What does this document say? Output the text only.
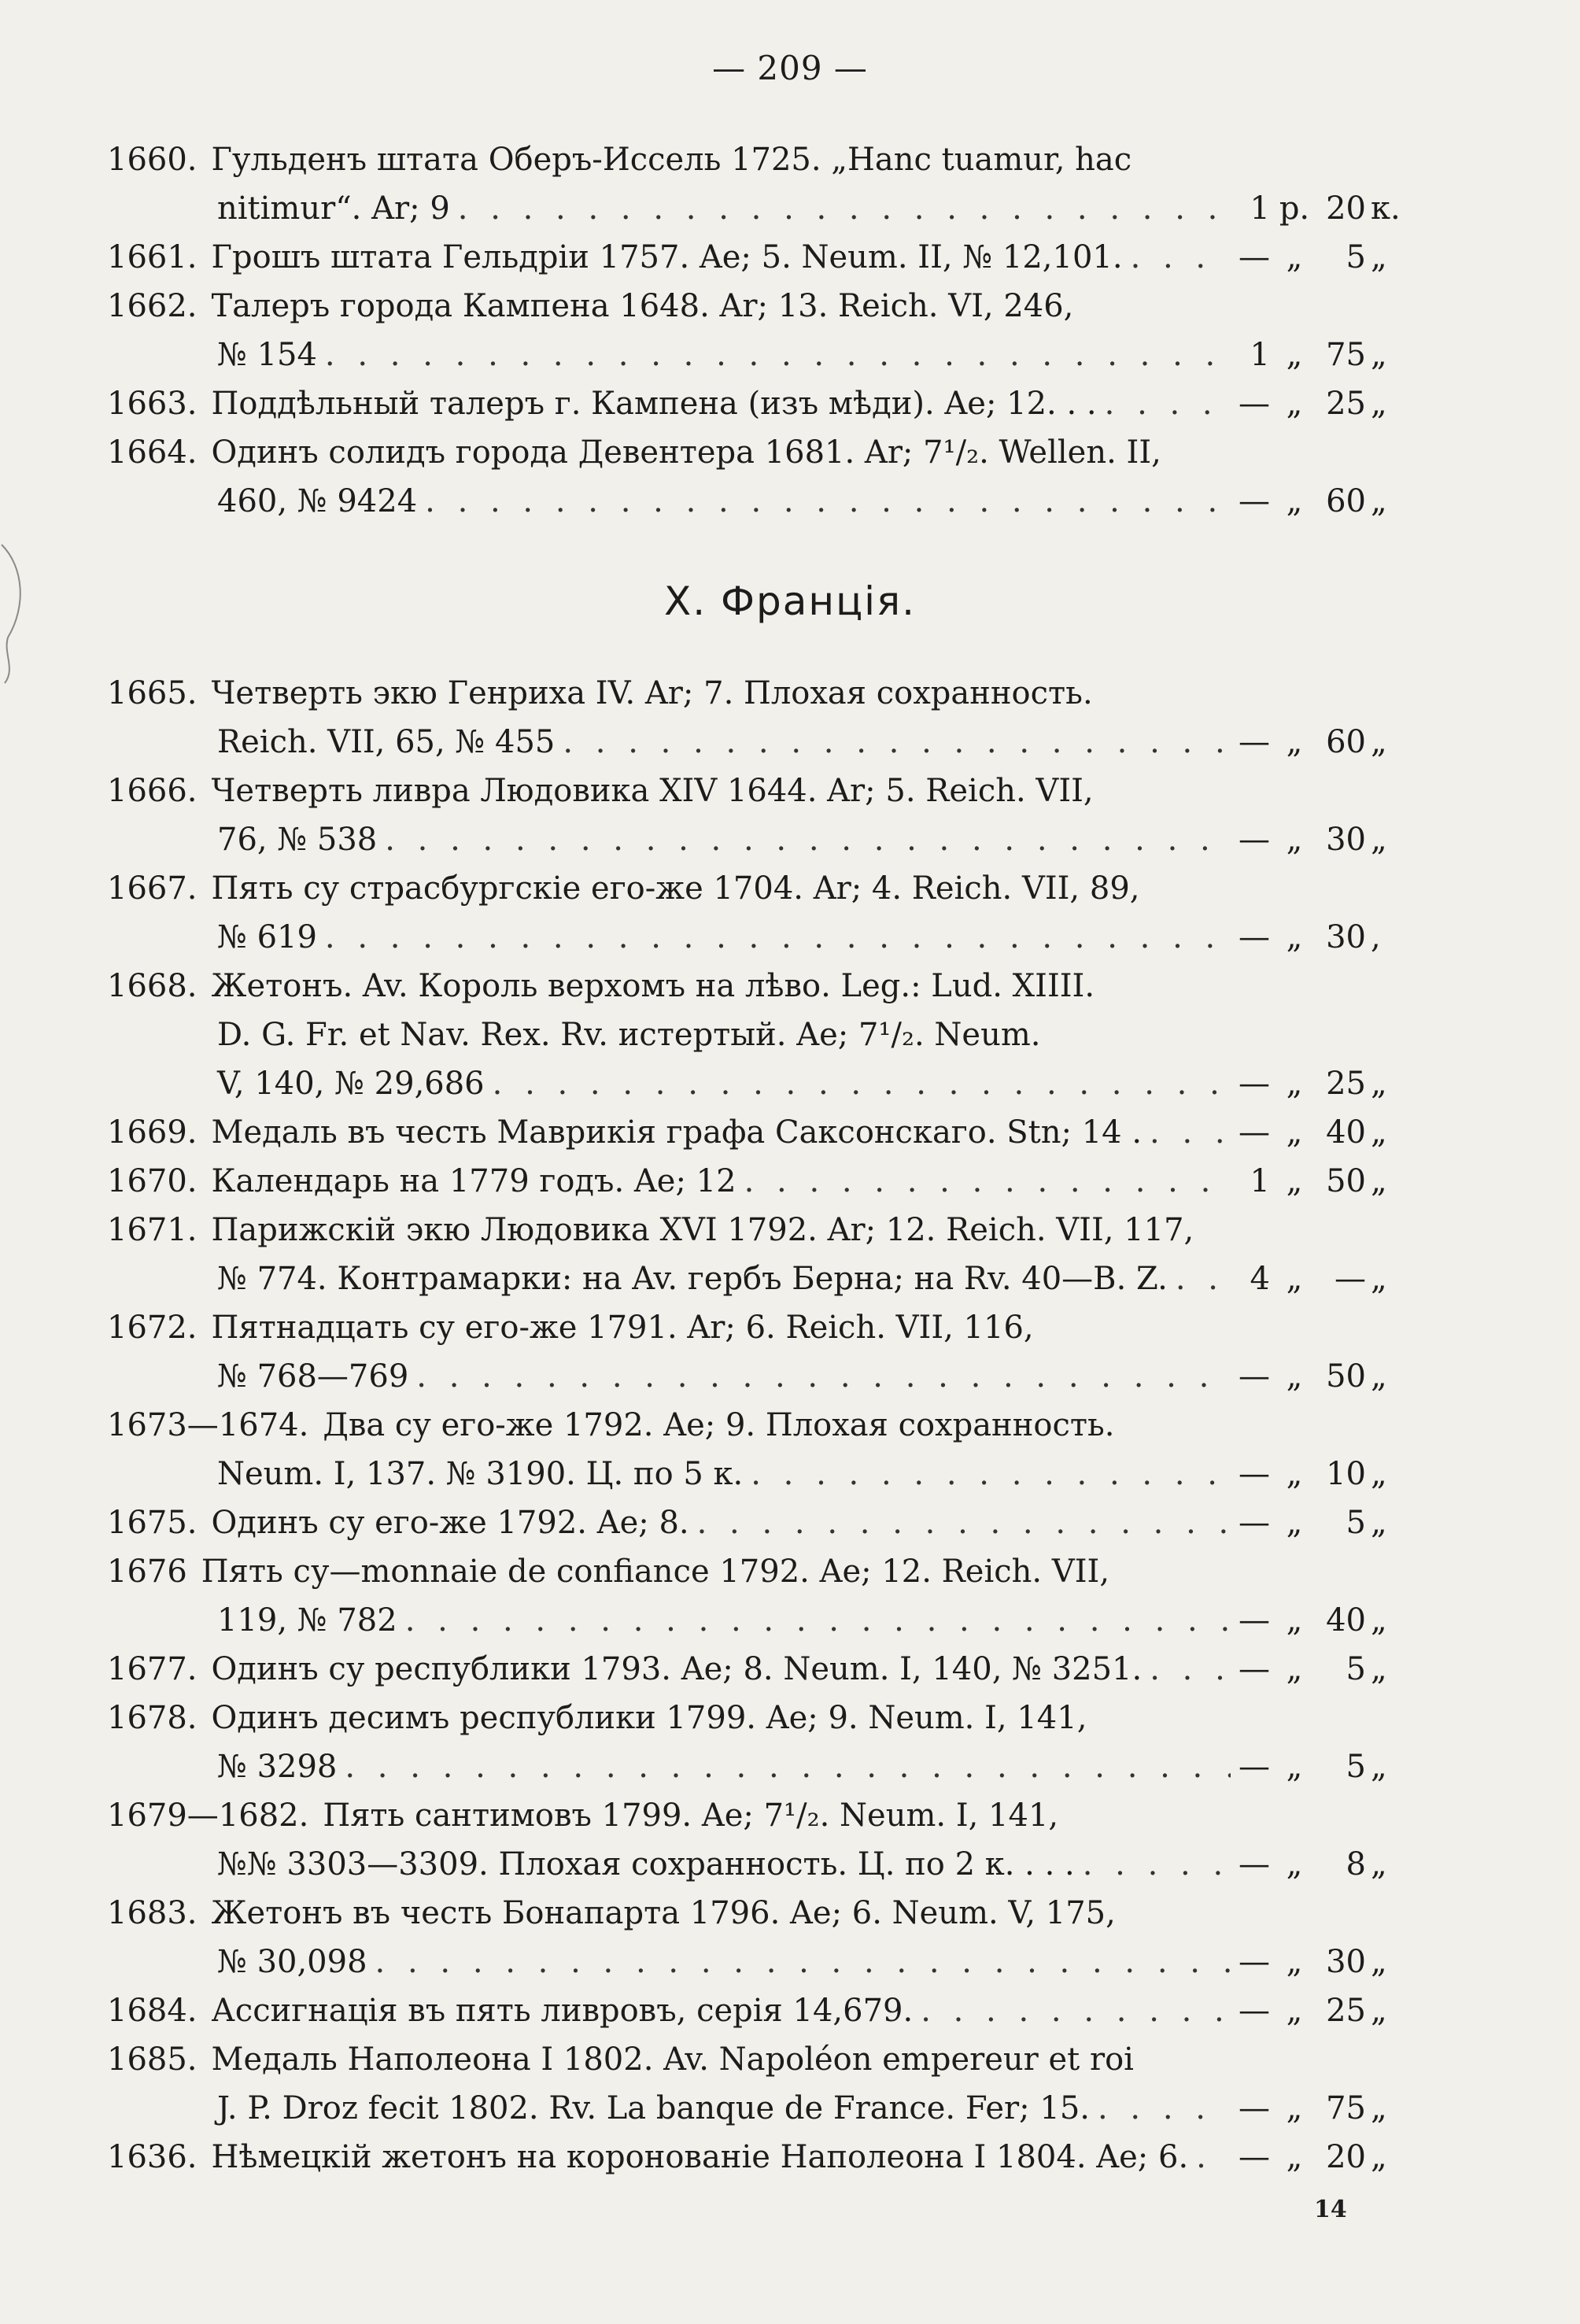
— 209 —
1660. Гульденъ штата Оберъ-Иссель 1725. „Hanc tuamur, hac
nitimur“. Ar; 9 . . .	1 р. 20 к.
1661. Грошъ штата Гельдріи 1757. Ae; 5. Neum. II, № 12,101. . . .	— „	5 „
1662. Талеръ города Кампена 1648. Ar; 13. Reich. VI, 246,
№ 154 . . .	1 „ 75 „
1663. Поддѣльный талеръ г. Кампена (изъ мѣди). Ae; 12. . . . . .	— „ 25 „
1664. Одинъ солидъ города Девентера 1681. Ar; 7¹/₂. Wellen. II,
460, № 9424 . . .	— „ 60 „
X. Франція.
1665. Четверть экю Генриха IV. Ar; 7. Плохая сохранность.
Reich. VII, 65, № 455 . . .	— „ 60 „
1666. Четверть ливра Людовика XIV 1644. Ar; 5. Reich. VII,
76, № 538 . . .	— „ 30 „
1667. Пять су страсбургскіе его-же 1704. Ar; 4. Reich. VII, 89,
№ 619 . . .	— „ 30 ,
1668. Жетонъ. Av. Король верхомъ на лѣво. Leg.: Lud. XIIII.
D. G. Fr. et Nav. Rex. Rv. истертый. Ae; 7¹/₂. Neum.
V, 140, № 29,686 . . .	— „ 25 „
1669. Медаль въ честь Маврикія графа Саксонскаго. Stn; 14 . . . .	— „ 40 „
1670. Календарь на 1779 годъ. Ae; 12 . . .	1 „ 50 „
1671. Парижскій экю Людовика XVI 1792. Ar; 12. Reich. VII, 117,
№ 774. Контрамарки: на Av. гербъ Берна; на Rv. 40—B. Z. . . .	4 „	— „
1672. Пятнадцать су его-же 1791. Ar; 6. Reich. VII, 116,
№ 768—769 . . .	— „ 50 „
1673—1674. Два су его-же 1792. Ae; 9. Плохая сохранность.
Neum. I, 137. № 3190. Ц. по 5 к. . . .	— „ 10 „
1675. Одинъ су его-же 1792. Ae; 8. . . .	— „	5 „
1676 Пять су—monnaie de confiance 1792. Ae; 12. Reich. VII,
119, № 782 . . .	— „ 40 „
1677. Одинъ су республики 1793. Ae; 8. Neum. I, 140, № 3251. . . .	— „	5 „
1678. Одинъ десимъ республики 1799. Ae; 9. Neum. I, 141,
№ 3298 . . .	— „	5 „
1679—1682. Пять сантимовъ 1799. Ae; 7¹/₂. Neum. I, 141,
№№ 3303—3309. Плохая сохранность. Ц. по 2 к. . . . . . .	— „	8 „
1683. Жетонъ въ честь Бонапарта 1796. Ae; 6. Neum. V, 175,
№ 30,098 . . .	— „ 30 „
1684. Ассигнація въ пять ливровъ, серія 14,679. . . .	— „ 25 „
1685. Медаль Наполеона I 1802. Av. Napoléon empereur et roi
J. P. Droz fecit 1802. Rv. La banque de France. Fer; 15. . . .	— „ 75 „
1636. Нѣмецкій жетонъ на коронованіе Наполеона I 1804. Ae; 6. . . . — „ 20 „
14
